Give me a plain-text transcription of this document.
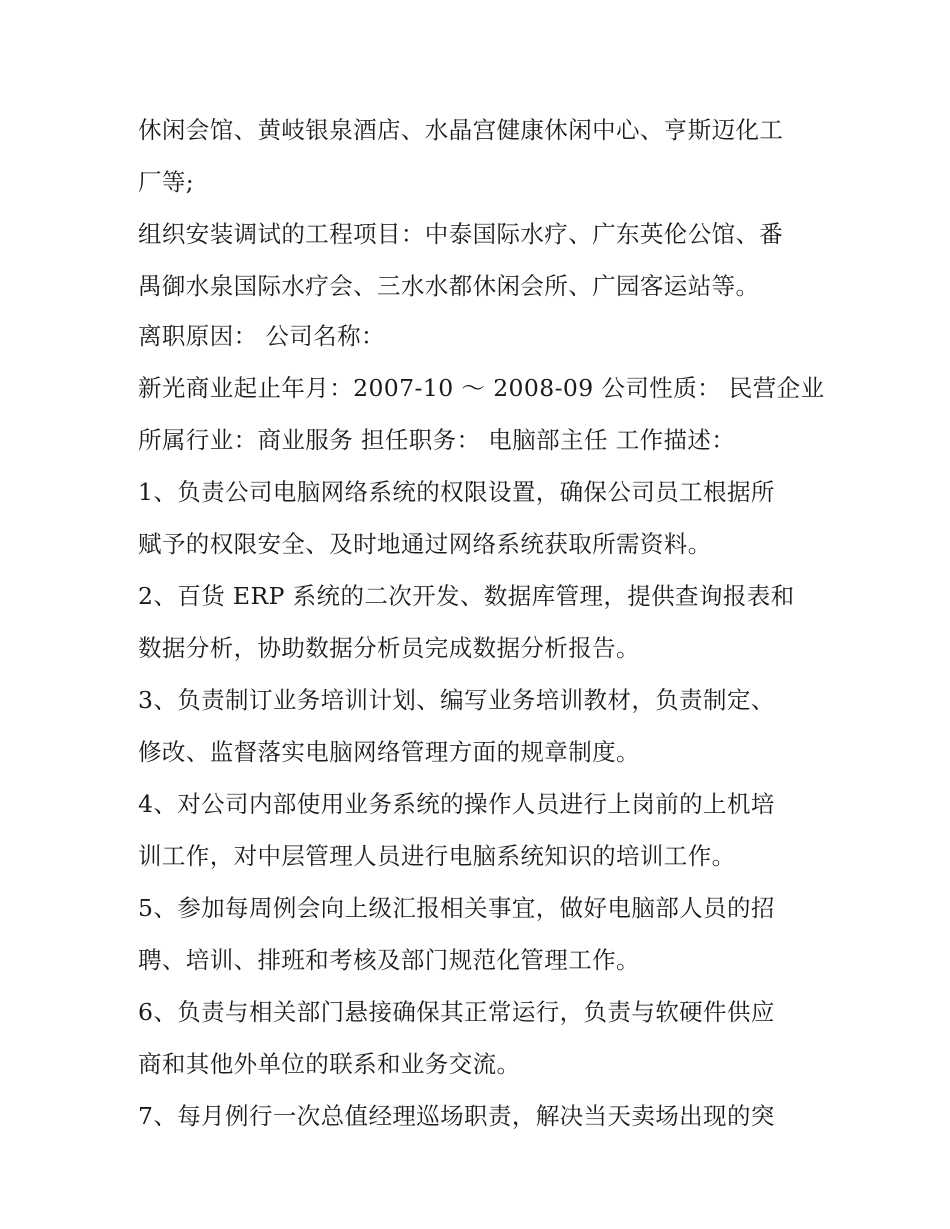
休闲会馆、黄岐银泉酒店、水晶宫健康休闲中心、亨斯迈化工
厂等;
组织安装调试的工程项目：中泰国际水疗、广东英伦公馆、番
禺御水泉国际水疗会、三水水都休闲会所、广园客运站等。
离职原因： 公司名称：
新光商业起止年月：2007-10 ～ 2008-09 公司性质： 民营企业
所属行业：商业服务 担任职务： 电脑部主任 工作描述：
1、负责公司电脑网络系统的权限设置，确保公司员工根据所
赋予的权限安全、及时地通过网络系统获取所需资料。
2、百货 ERP 系统的二次开发、数据库管理，提供查询报表和
数据分析，协助数据分析员完成数据分析报告。
3、负责制订业务培训计划、编写业务培训教材，负责制定、
修改、监督落实电脑网络管理方面的规章制度。
4、对公司内部使用业务系统的操作人员进行上岗前的上机培
训工作，对中层管理人员进行电脑系统知识的培训工作。
5、参加每周例会向上级汇报相关事宜，做好电脑部人员的招
聘、培训、排班和考核及部门规范化管理工作。
6、负责与相关部门悬接确保其正常运行，负责与软硬件供应
商和其他外单位的联系和业务交流。
7、每月例行一次总值经理巡场职责，解决当天卖场出现的突
